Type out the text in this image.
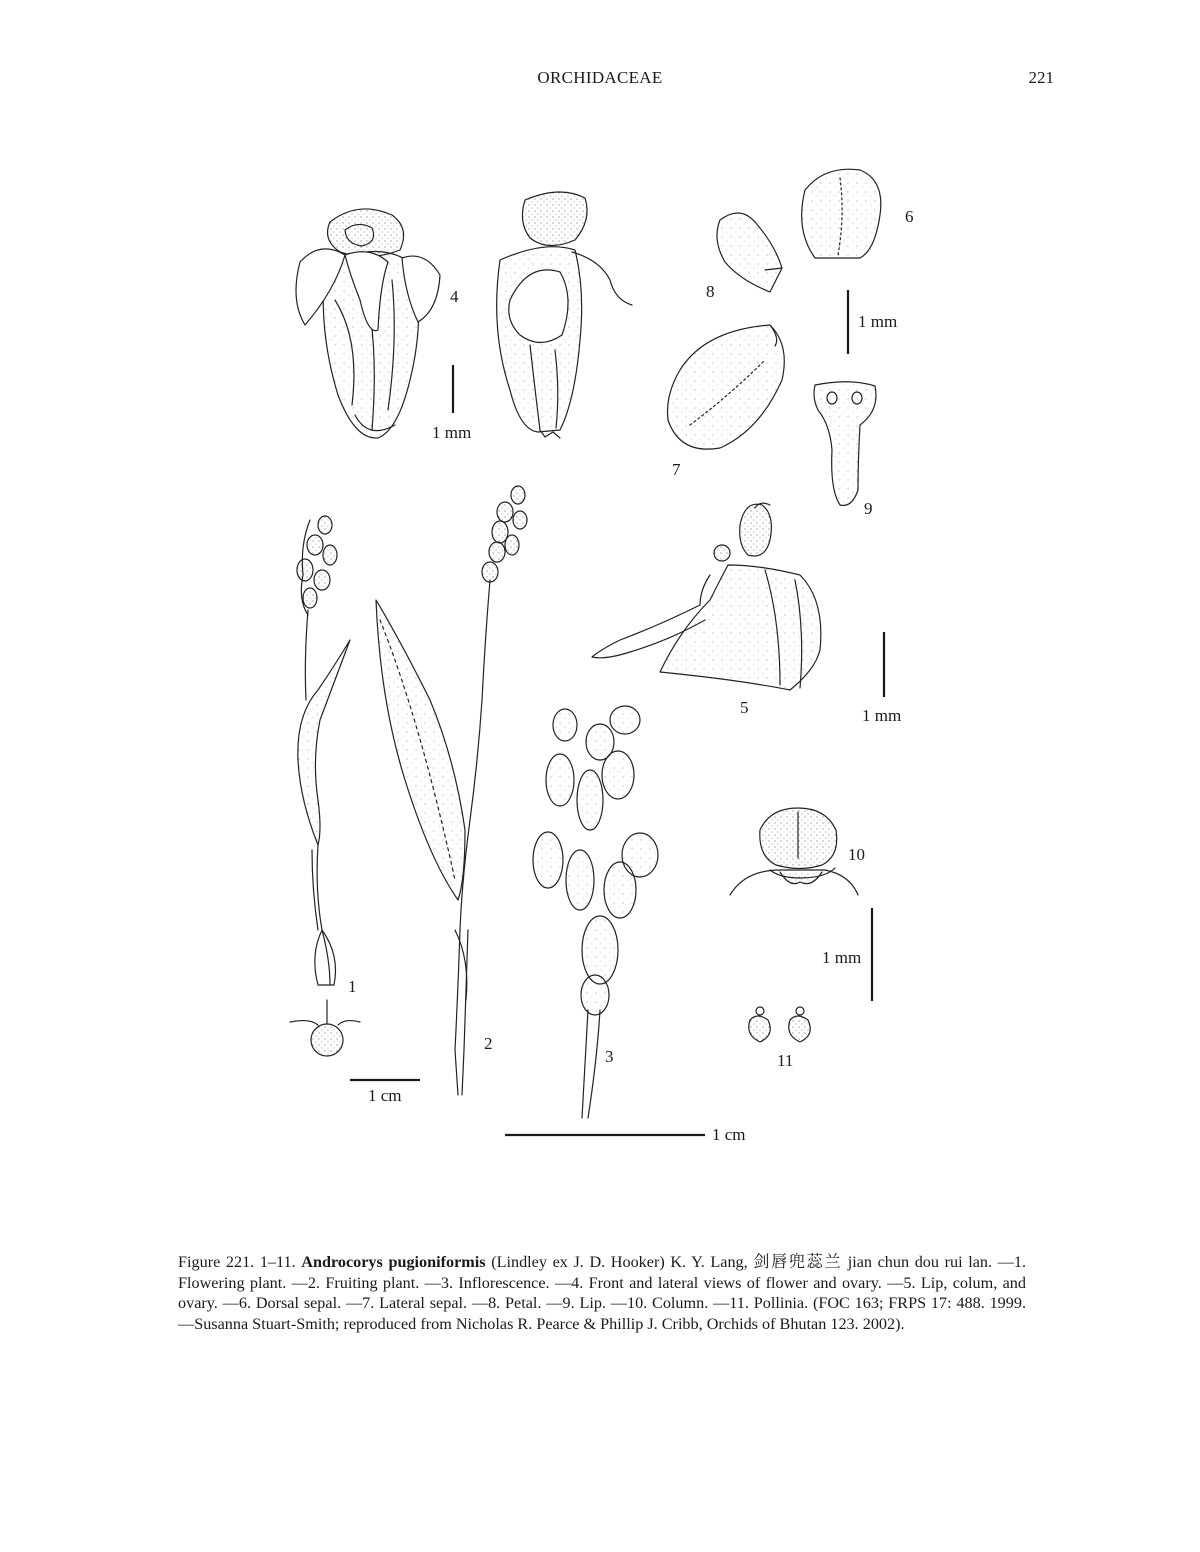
ORCHIDACEAE	221
4
6
8
7
9
5
10
11
1
2
3
1 mm
1 mm
1 mm
1 mm
1 cm
1 cm
Figure 221. 1–11. Androcorys pugioniformis (Lindley ex J. D. Hooker) K. Y. Lang, 剑唇兜蕊兰 jian chun dou rui lan. —1. Flowering plant. —2. Fruiting plant. —3. Inflorescence. —4. Front and lateral views of flower and ovary. —5. Lip, colum, and ovary. —6. Dorsal sepal. —7. Lateral sepal. —8. Petal. —9. Lip. —10. Column. —11. Pollinia. (FOC 163; FRPS 17: 488. 1999. —Susanna Stuart-Smith; reproduced from Nicholas R. Pearce & Phillip J. Cribb, Orchids of Bhutan 123. 2002).
